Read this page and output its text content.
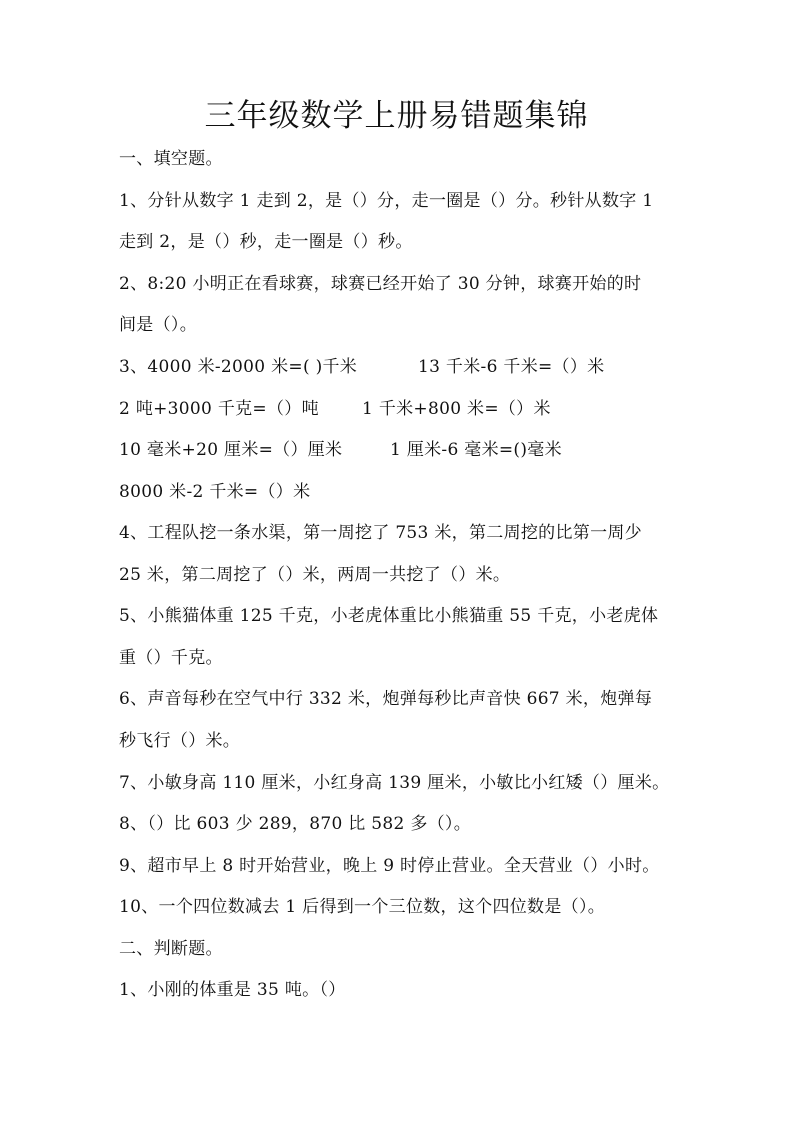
三年级数学上册易错题集锦
一、填空题。
1、分针从数字 1 走到 2，是（）分，走一圈是（）分。秒针从数字 1
走到 2，是（）秒，走一圈是（）秒。
2、8:20 小明正在看球赛，球赛已经开始了 30 分钟，球赛开始的时
间是（）。
3、4000 米-2000 米=( )千米	13 千米-6 千米=（）米
2 吨+3000 千克=（）吨	1 千米+800 米=（）米
10 毫米+20 厘米=（）厘米	1 厘米-6 毫米=()毫米
8000 米-2 千米=（）米
4、工程队挖一条水渠，第一周挖了 753 米，第二周挖的比第一周少
25 米，第二周挖了（）米，两周一共挖了（）米。
5、小熊猫体重 125 千克，小老虎体重比小熊猫重 55 千克，小老虎体
重（）千克。
6、声音每秒在空气中行 332 米，炮弹每秒比声音快 667 米，炮弹每
秒飞行（）米。
7、小敏身高 110 厘米，小红身高 139 厘米，小敏比小红矮（）厘米。
8、（）比 603 少 289，870 比 582 多（）。
9、超市早上 8 时开始营业，晚上 9 时停止营业。全天营业（）小时。
10、一个四位数减去 1 后得到一个三位数，这个四位数是（）。
二、判断题。
1、小刚的体重是 35 吨。（）
